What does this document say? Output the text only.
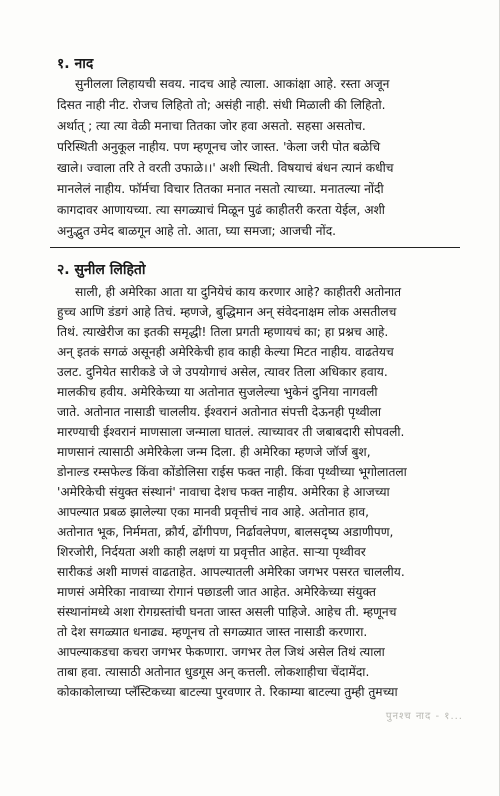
१. नाद
सुनीलला लिहायची सवय. नादच आहे त्याला. आकांक्षा आहे. रस्ता अजून
दिसत नाही नीट. रोजच लिहितो तो; असंही नाही. संधी मिळाली की लिहितो.
अर्थात् ; त्या त्या वेळी मनाचा तितका जोर हवा असतो. सहसा असतोच.
परिस्थिती अनुकूल नाहीय. पण म्हणूनच जोर जास्त. 'केला जरी पोत बळेचि
खाले। ज्वाला तरि ते वरती उफाळे।।' अशी स्थिती. विषयाचं बंधन त्यानं कधीच
मानलेलं नाहीय. फॉर्मचा विचार तितका मनात नसतो त्याच्या. मनातल्या नोंदी
कागदावर आणायच्या. त्या सगळ्याचं मिळून पुढं काहीतरी करता येईल, अशी
अनुद्भुत उमेद बाळगून आहे तो. आता, घ्या समजा; आजची नोंद.
२. सुनील लिहितो
साली, ही अमेरिका आता या दुनियेचं काय करणार आहे? काहीतरी अतोनात
हुच्च आणि डंडगं आहे तिचं. म्हणजे, बुद्धिमान अन् संवेदनाक्षम लोक असतीलच
तिथं. त्याखेरीज का इतकी समृद्धी! तिला प्रगती म्हणायचं का; हा प्रश्नच आहे.
अन् इतकं सगळं असूनही अमेरिकेची हाव काही केल्या मिटत नाहीय. वाढतेयच
उलट. दुनियेत सारीकडे जे जे उपयोगाचं असेल, त्यावर तिला अधिकार हवाय.
मालकीच हवीय. अमेरिकेच्या या अतोनात सुजलेल्या भुकेनं दुनिया नागवली
जाते. अतोनात नासाडी चाललीय. ईश्वरानं अतोनात संपत्ती देऊनही पृथ्वीला
मारण्याची ईश्वरानं माणसाला जन्माला घातलं. त्याच्यावर ती जबाबदारी सोपवली.
माणसानं त्यासाठी अमेरिकेला जन्म दिला. ही अमेरिका म्हणजे जॉर्ज बुश,
डोनाल्ड रम्सफेल्ड किंवा कोंडोलिसा राईस फक्त नाही. किंवा पृथ्वीच्या भूगोलातला
'अमेरिकेची संयुक्त संस्थानं' नावाचा देशच फक्त नाहीय. अमेरिका हे आजच्या
आपल्यात प्रबळ झालेल्या एका मानवी प्रवृत्तीचं नाव आहे. अतोनात हाव,
अतोनात भूक, निर्ममता, क्रौर्य, ढोंगीपण, निर्ढावलेपण, बालसदृष्य अडाणीपण,
शिरजोरी, निर्दयता अशी काही लक्षणं या प्रवृत्तीत आहेत. साऱ्या पृथ्वीवर
सारीकडं अशी माणसं वाढताहेत. आपल्यातली अमेरिका जगभर पसरत चाललीय.
माणसं अमेरिका नावाच्या रोगानं पछाडली जात आहेत. अमेरिकेच्या संयुक्त
संस्थानांमध्ये अशा रोगग्रस्तांची घनता जास्त असली पाहिजे. आहेच ती. म्हणूनच
तो देश सगळ्यात धनाढ्य. म्हणूनच तो सगळ्यात जास्त नासाडी करणारा.
आपल्याकडचा कचरा जगभर फेकणारा. जगभर तेल जिथं असेल तिथं त्याला
ताबा हवा. त्यासाठी अतोनात धुडगूस अन् कत्तली. लोकशाहीचा चेंदामेंदा.
कोकाकोलाच्या प्लॅस्टिकच्या बाटल्या पुरवणार ते. रिकाम्या बाटल्या तुम्ही तुमच्या
पुनश्च नाद - १...
